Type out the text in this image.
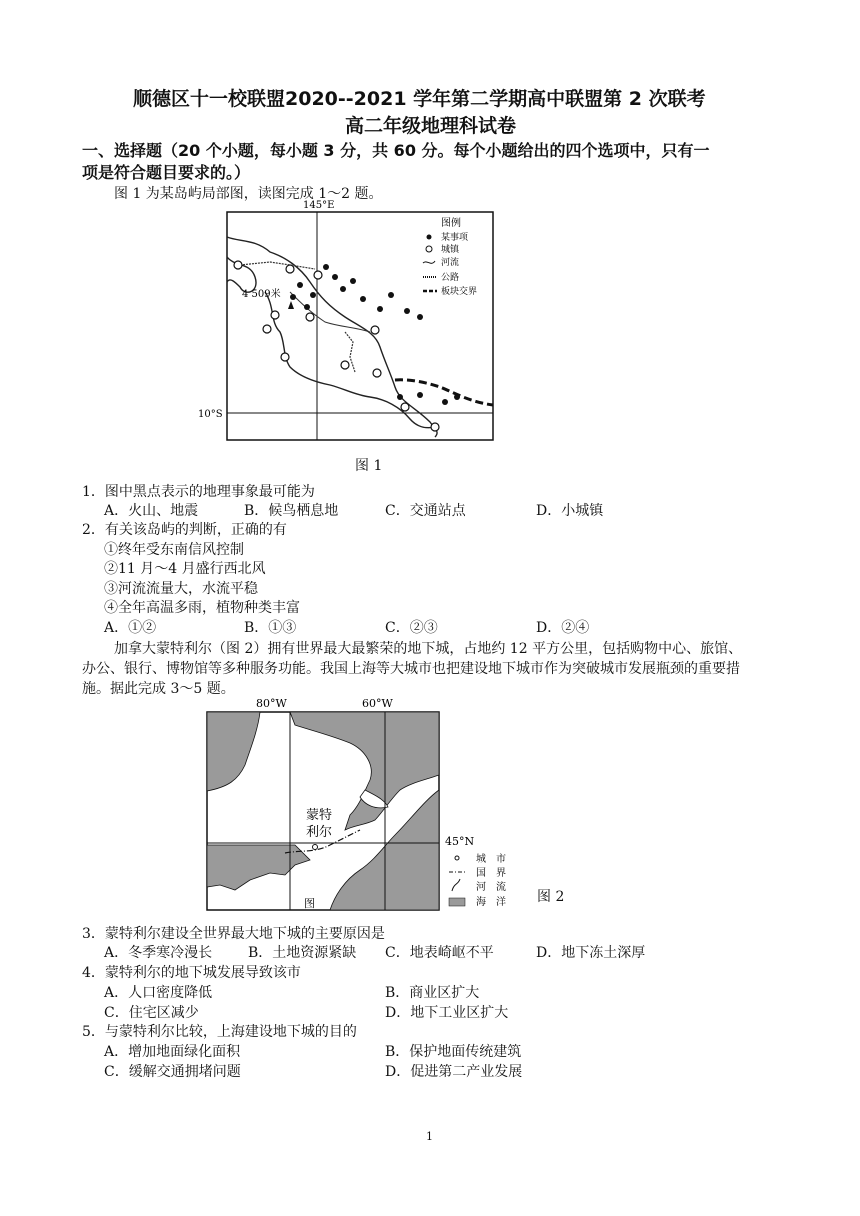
顺德区十一校联盟2020--2021 学年第二学期高中联盟第 2 次联考
高二年级地理科试卷
一、选择题（20 个小题，每小题 3 分，共 60 分。每个小题给出的四个选项中，只有一
项是符合题目要求的。）
图 1 为某岛屿局部图，读图完成 1～2 题。
145°E
10°S
4 509米
图例
某事项
城镇
河流
公路
板块交界
图 1
1．图中黑点表示的地理事象最可能为
A．火山、地震	B．候鸟栖息地	C．交通站点	D．小城镇
2．有关该岛屿的判断，正确的有
①终年受东南信风控制
②11 月～4 月盛行西北风
③河流流量大，水流平稳
④全年高温多雨，植物种类丰富
A．①②	B．①③	C．②③	D．②④
加拿大蒙特利尔（图 2）拥有世界最大最繁荣的地下城，占地约 12 平方公里，包括购物中心、旅馆、
办公、银行、博物馆等多种服务功能。我国上海等大城市也把建设地下城市作为突破城市发展瓶颈的重要措
施。据此完成 3～5 题。
80°W	60°W
蒙特
利尔
图
45°N
城　市
国　界
河　流
海　洋 图 2
3．蒙特利尔建设全世界最大地下城的主要原因是
A．冬季寒冷漫长	B．土地资源紧缺 C．地表崎岖不平	D．地下冻土深厚
4．蒙特利尔的地下城发展导致该市
A．人口密度降低	B．商业区扩大
C．住宅区减少	D．地下工业区扩大
5．与蒙特利尔比较，上海建设地下城的目的
A．增加地面绿化面积	B．保护地面传统建筑
C．缓解交通拥堵问题	D．促进第二产业发展
1
